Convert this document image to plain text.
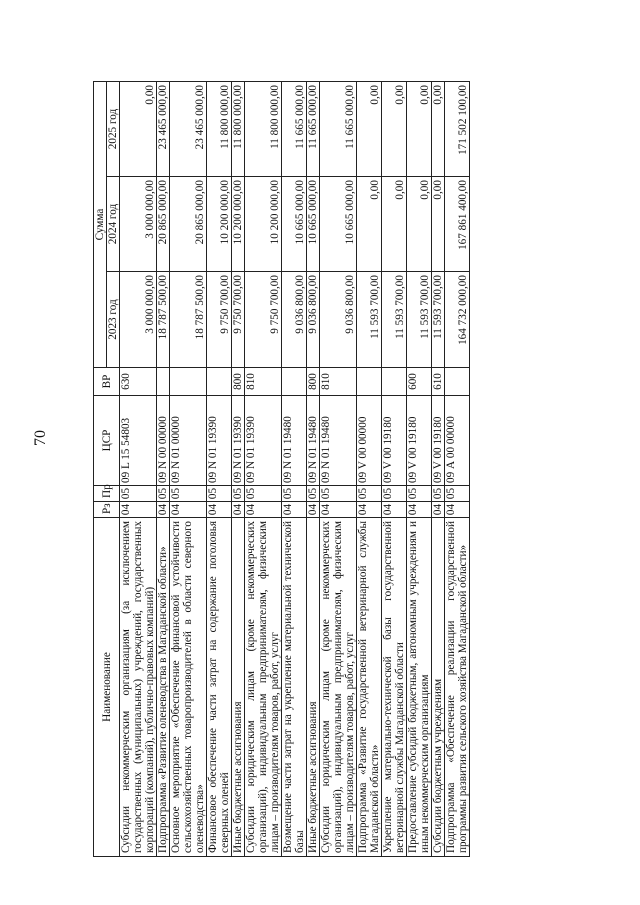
70
Наименование	Рз	Пр	ЦСР	ВР	Сумма		
					2023 год	2024 год	2025 год
Субсидии некоммерческим организациям (за исключением государственных (муниципальных) учреждений, государственных корпораций (компаний), публично-правовых компаний)	04	05	09 L 15 54803	630	3 000 000,00	3 000 000,00	0,00
Подпрограмма «Развитие оленеводства в Магаданской области»	04	05	09 N 00 00000		18 787 500,00	20 865 000,00	23 465 000,00
Основное мероприятие «Обеспечение финансовой устойчивости сельскохозяйственных товаропроизводителей в области северного оленеводства»	04	05	09 N 01 00000		18 787 500,00	20 865 000,00	23 465 000,00
Финансовое обеспечение части затрат на содержание поголовья северных оленей	04	05	09 N 01 19390		9 750 700,00	10 200 000,00	11 800 000,00
Иные бюджетные ассигнования	04	05	09 N 01 19390	800	9 750 700,00	10 200 000,00	11 800 000,00
Субсидии юридическим лицам (кроме некоммерческих организаций), индивидуальным предпринимателям, физическим лицам – производителям товаров, работ, услуг	04	05	09 N 01 19390	810	9 750 700,00	10 200 000,00	11 800 000,00
Возмещение части затрат на укрепление материальной технической базы	04	05	09 N 01 19480		9 036 800,00	10 665 000,00	11 665 000,00
Иные бюджетные ассигнования	04	05	09 N 01 19480	800	9 036 800,00	10 665 000,00	11 665 000,00
Субсидии юридическим лицам (кроме некоммерческих организаций), индивидуальным предпринимателям, физическим лицам – производителям товаров, работ, услуг	04	05	09 N 01 19480	810	9 036 800,00	10 665 000,00	11 665 000,00
Подпрограмма «Развитие государственной ветеринарной службы Магаданской области»	04	05	09 V 00 00000		11 593 700,00	0,00	0,00
Укрепление материально-технической базы государственной ветеринарной службы Магаданской области	04	05	09 V 00 19180		11 593 700,00	0,00	0,00
Предоставление субсидий бюджетным, автономным учреждениям и иным некоммерческим организациям	04	05	09 V 00 19180	600	11 593 700,00	0,00	0,00
Субсидии бюджетным учреждениям	04	05	09 V 00 19180	610	11 593 700,00	0,00	0,00
Подпрограмма «Обеспечение реализации государственной программы развития сельского хозяйства Магаданской области»	04	05	09 А 00 00000		164 732 000,00	167 861 400,00	171 502 100,00
